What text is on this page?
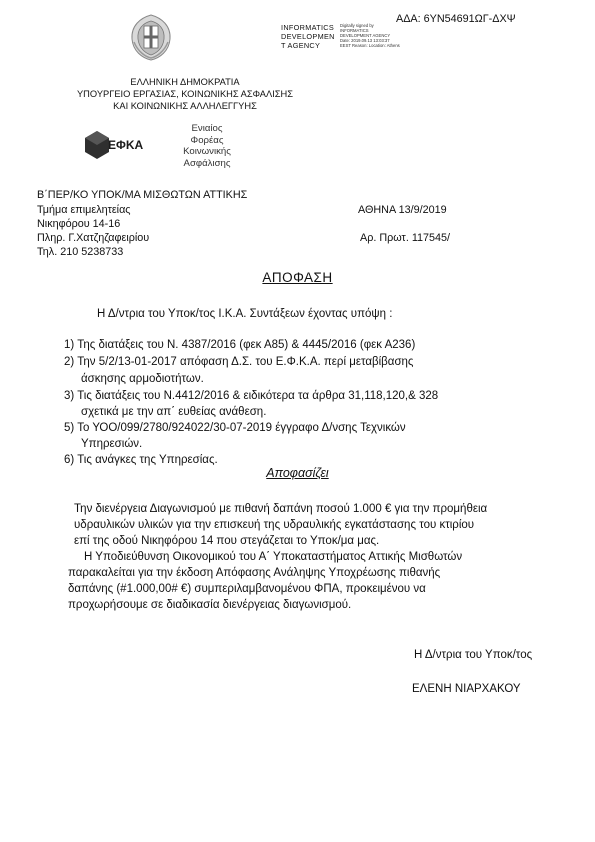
ΑΔΑ: 6ΥΝ54691ΩΓ-ΔΧΨ
INFORMATICS
DEVELOPMEN
T AGENCY
Digitally signed by INFORMATICS DEVELOPMENT AGENCY Date: 2019.09.13 13:03:37 EEST Reason: Location: Athens
ΕΛΛΗΝΙΚΗ ΔΗΜΟΚΡΑΤΙΑ
ΥΠΟΥΡΓΕΙΟ ΕΡΓΑΣΙΑΣ, ΚΟΙΝΩΝΙΚΗΣ ΑΣΦΑΛΙΣΗΣ
ΚΑΙ ΚΟΙΝΩΝΙΚΗΣ ΑΛΛΗΛΕΓΓΥΗΣ
ΕΦΚΑ
Ενιαίος
Φορέας
Κοινωνικής
Ασφάλισης
Β΄ΠΕΡ/ΚΟ ΥΠΟΚ/ΜΑ ΜΙΣΘΩΤΩΝ ΑΤΤΙΚΗΣ
Τμήμα επιμελητείας
Νικηφόρου 14-16
Πληρ. Γ.Χατζηζαφειρίου
Τηλ. 210 5238733
ΑΘΗΝΑ 13/9/2019
Αρ. Πρωτ. 117545/
ΑΠΟΦΑΣΗ
Η Δ/ντρια του Υποκ/τος Ι.Κ.Α. Συντάξεων έχοντας υπόψη :
1) Της διατάξεις του Ν. 4387/2016 (φεκ Α85) & 4445/2016 (φεκ Α236)
2) Την 5/2/13-01-2017 απόφαση Δ.Σ. του Ε.Φ.Κ.Α. περί μεταβίβασης
άσκησης αρμοδιοτήτων.
3) Τις διατάξεις του Ν.4412/2016 & ειδικότερα τα άρθρα 31,118,120,& 328
σχετικά με την απ΄ ευθείας ανάθεση.
5) Το ΥΟΟ/099/2780/924022/30-07-2019 έγγραφο Δ/νσης Τεχνικών
Υπηρεσιών.
6) Τις ανάγκες της Υπηρεσίας.
Αποφασίζει
Την διενέργεια Διαγωνισμού με πιθανή δαπάνη ποσού 1.000 € για την προμήθεια
υδραυλικών υλικών για την επισκευή της υδραυλικής εγκατάστασης του κτιρίου
επί της οδού Νικηφόρου 14 που στεγάζεται το Υποκ/μα μας.
Η Υποδιεύθυνση Οικονομικού του Α΄ Υποκαταστήματος Αττικής Μισθωτών
παρακαλείται για την έκδοση Απόφασης Ανάληψης Υποχρέωσης πιθανής
δαπάνης (#1.000,00# €) συμπεριλαμβανομένου ΦΠΑ, προκειμένου να
προχωρήσουμε σε διαδικασία διενέργειας διαγωνισμού.
Η Δ/ντρια του Υποκ/τος
ΕΛΕΝΗ ΝΙΑΡΧΑΚΟΥ
